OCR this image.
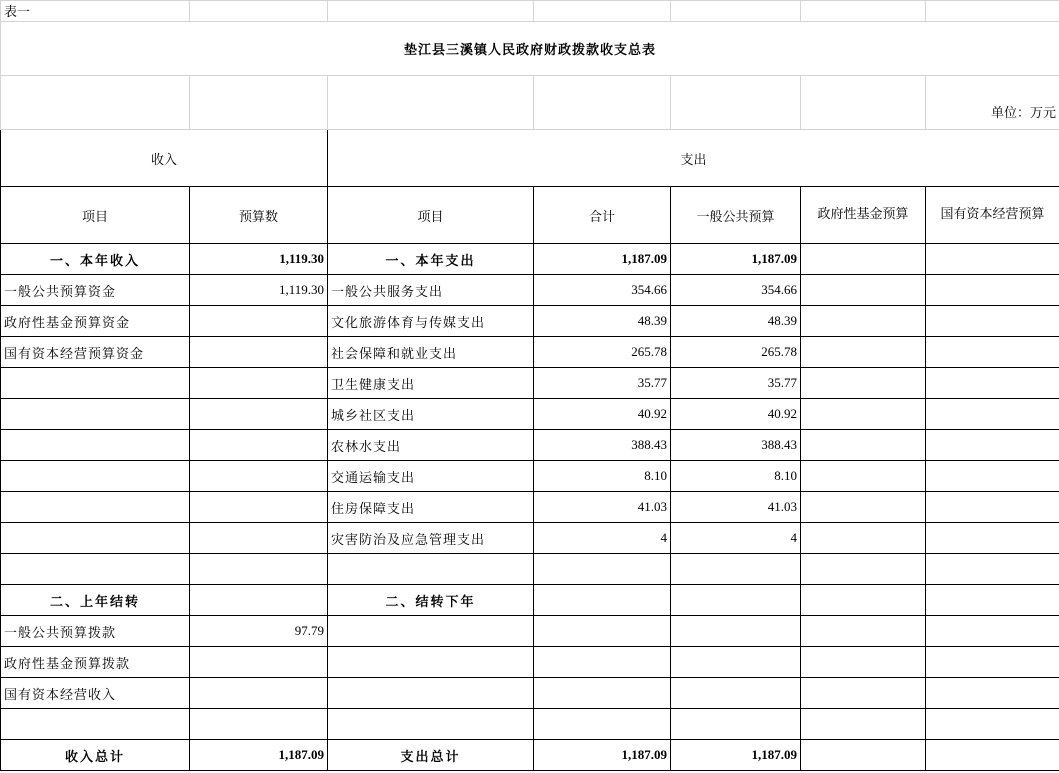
表一						
垫江县三溪镇人民政府财政拨款收支总表						
						单位：万元
收入		支出				
项目	预算数	项目	合计	一般公共预算	政府性基金预算	国有资本经营预算
一、本年收入	1,119.30	一、本年支出	1,187.09	1,187.09		
一般公共预算资金	1,119.30	一般公共服务支出	354.66	354.66		
政府性基金预算资金		文化旅游体育与传媒支出	48.39	48.39		
国有资本经营预算资金		社会保障和就业支出	265.78	265.78		
		卫生健康支出	35.77	35.77		
		城乡社区支出	40.92	40.92		
		农林水支出	388.43	388.43		
		交通运输支出	8.10	8.10		
		住房保障支出	41.03	41.03		
		灾害防治及应急管理支出	4	4		

二、上年结转		二、结转下年				
一般公共预算拨款	97.79					
政府性基金预算拨款						
国有资本经营收入						

收入总计	1,187.09	支出总计	1,187.09	1,187.09		
